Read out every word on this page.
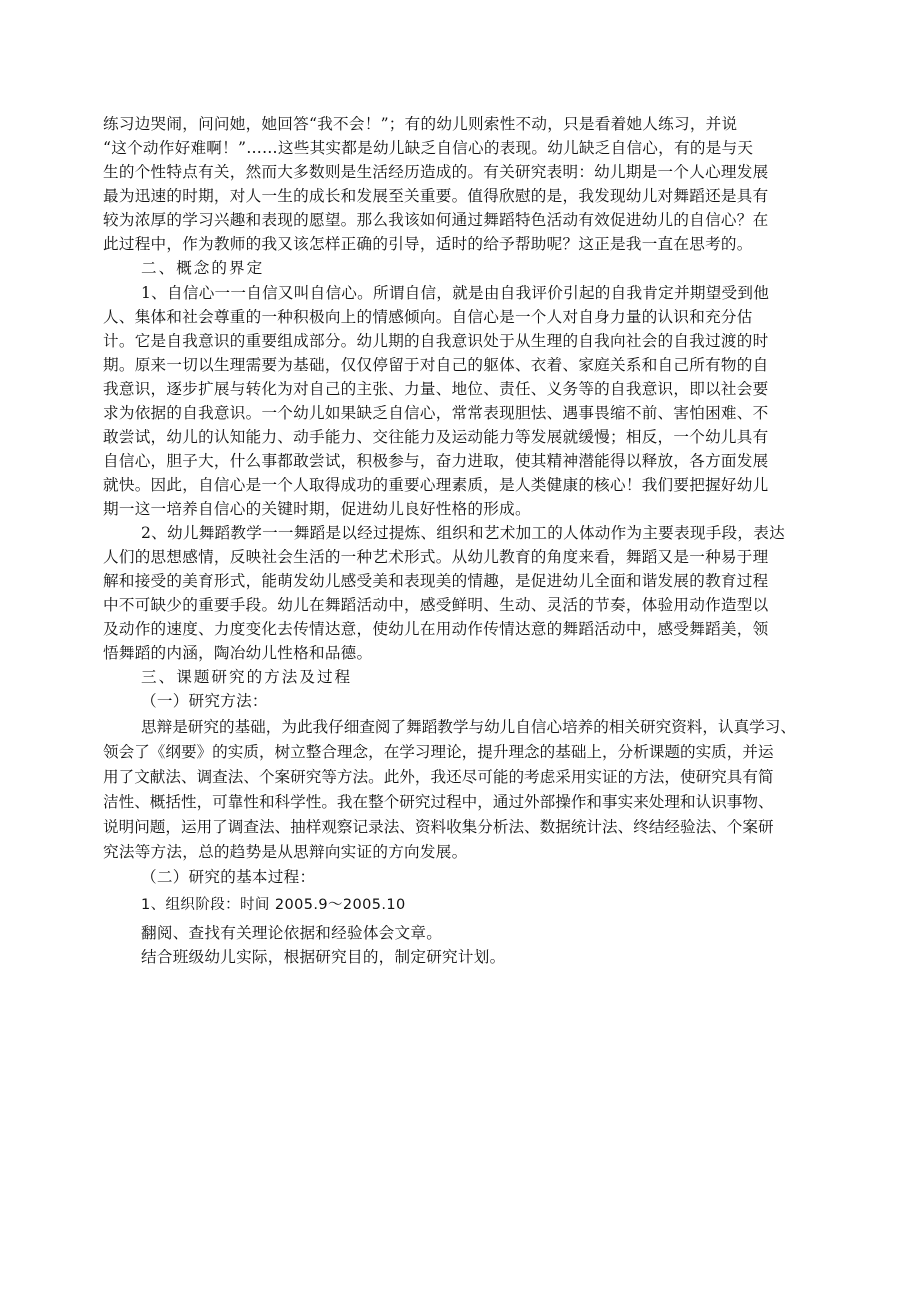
练习边哭闹，问问她，她回答“我不会！”；有的幼儿则索性不动，只是看着她人练习，并说
“这个动作好难啊！”……这些其实都是幼儿缺乏自信心的表现。幼儿缺乏自信心，有的是与天
生的个性特点有关，然而大多数则是生活经历造成的。有关研究表明：幼儿期是一个人心理发展
最为迅速的时期，对人一生的成长和发展至关重要。值得欣慰的是，我发现幼儿对舞蹈还是具有
较为浓厚的学习兴趣和表现的愿望。那么我该如何通过舞蹈特色活动有效促进幼儿的自信心？在
此过程中，作为教师的我又该怎样正确的引导，适时的给予帮助呢？这正是我一直在思考的。
二、概念的界定
1、自信心一一自信又叫自信心。所谓自信，就是由自我评价引起的自我肯定并期望受到他
人、集体和社会尊重的一种积极向上的情感倾向。自信心是一个人对自身力量的认识和充分估
计。它是自我意识的重要组成部分。幼儿期的自我意识处于从生理的自我向社会的自我过渡的时
期。原来一切以生理需要为基础，仅仅停留于对自己的躯体、衣着、家庭关系和自己所有物的自
我意识，逐步扩展与转化为对自己的主张、力量、地位、责任、义务等的自我意识，即以社会要
求为依据的自我意识。一个幼儿如果缺乏自信心，常常表现胆怯、遇事畏缩不前、害怕困难、不
敢尝试，幼儿的认知能力、动手能力、交往能力及运动能力等发展就缓慢；相反，一个幼儿具有
自信心，胆子大，什么事都敢尝试，积极参与，奋力进取，使其精神潜能得以释放，各方面发展
就快。因此，自信心是一个人取得成功的重要心理素质，是人类健康的核心！我们要把握好幼儿
期一这一培养自信心的关键时期，促进幼儿良好性格的形成。
2、幼儿舞蹈教学一一舞蹈是以经过提炼、组织和艺术加工的人体动作为主要表现手段，表达
人们的思想感情，反映社会生活的一种艺术形式。从幼儿教育的角度来看，舞蹈又是一种易于理
解和接受的美育形式，能萌发幼儿感受美和表现美的情趣，是促进幼儿全面和谐发展的教育过程
中不可缺少的重要手段。幼儿在舞蹈活动中，感受鲜明、生动、灵活的节奏，体验用动作造型以
及动作的速度、力度变化去传情达意，使幼儿在用动作传情达意的舞蹈活动中，感受舞蹈美，领
悟舞蹈的内涵，陶冶幼儿性格和品德。
三、课题研究的方法及过程
（一）研究方法：
思辩是研究的基础，为此我仔细查阅了舞蹈教学与幼儿自信心培养的相关研究资料，认真学习、
领会了《纲要》的实质，树立整合理念，在学习理论，提升理念的基础上，分析课题的实质，并运
用了文献法、调查法、个案研究等方法。此外，我还尽可能的考虑采用实证的方法，使研究具有简
洁性、概括性，可靠性和科学性。我在整个研究过程中，通过外部操作和事实来处理和认识事物、
说明问题，运用了调查法、抽样观察记录法、资料收集分析法、数据统计法、终结经验法、个案研
究法等方法，总的趋势是从思辩向实证的方向发展。
（二）研究的基本过程：
1、组织阶段：时间 2005.9～2005.10
翻阅、查找有关理论依据和经验体会文章。
结合班级幼儿实际，根据研究目的，制定研究计划。
